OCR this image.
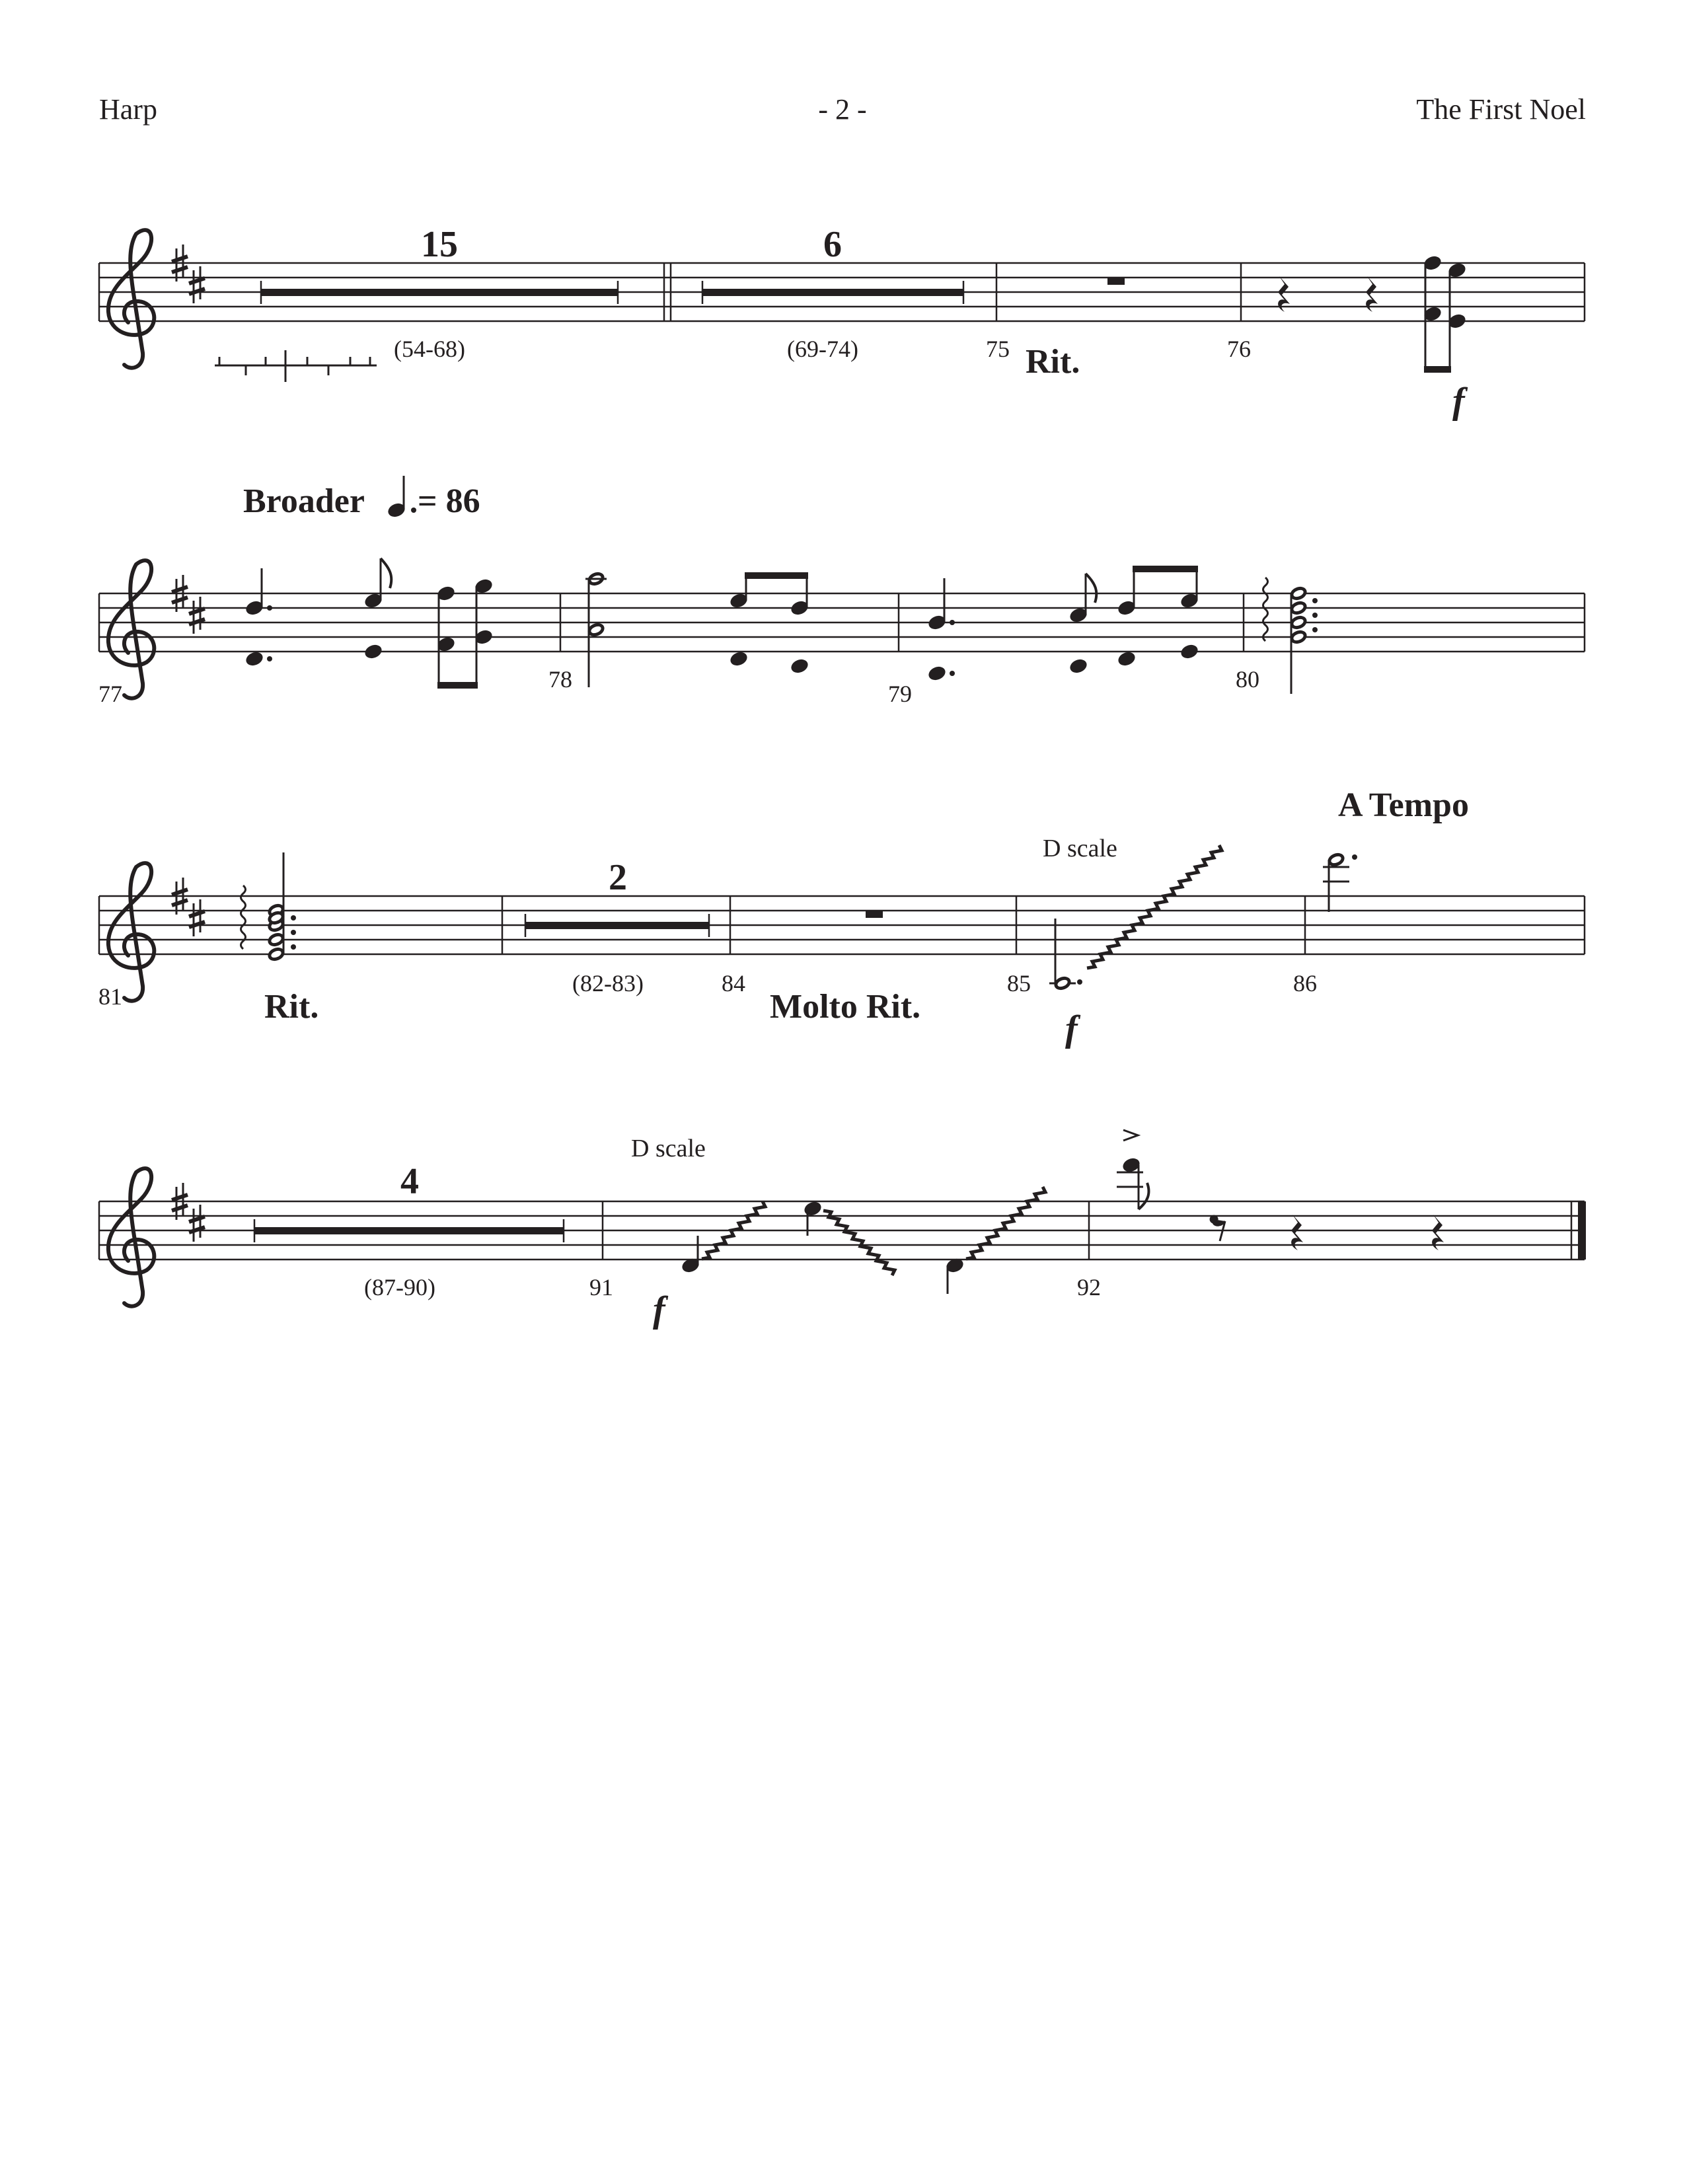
Harp	- 2 -	The First Noel
15
(54-68)
6
(69-74)	75 Rit.	76
f
Broader = 86
77
78
79
80
81	Rit.
2
(82-83)	84
Molto Rit.
85
D scale
f
86
A Tempo
4
(87-90)	91
D scale
f
92
